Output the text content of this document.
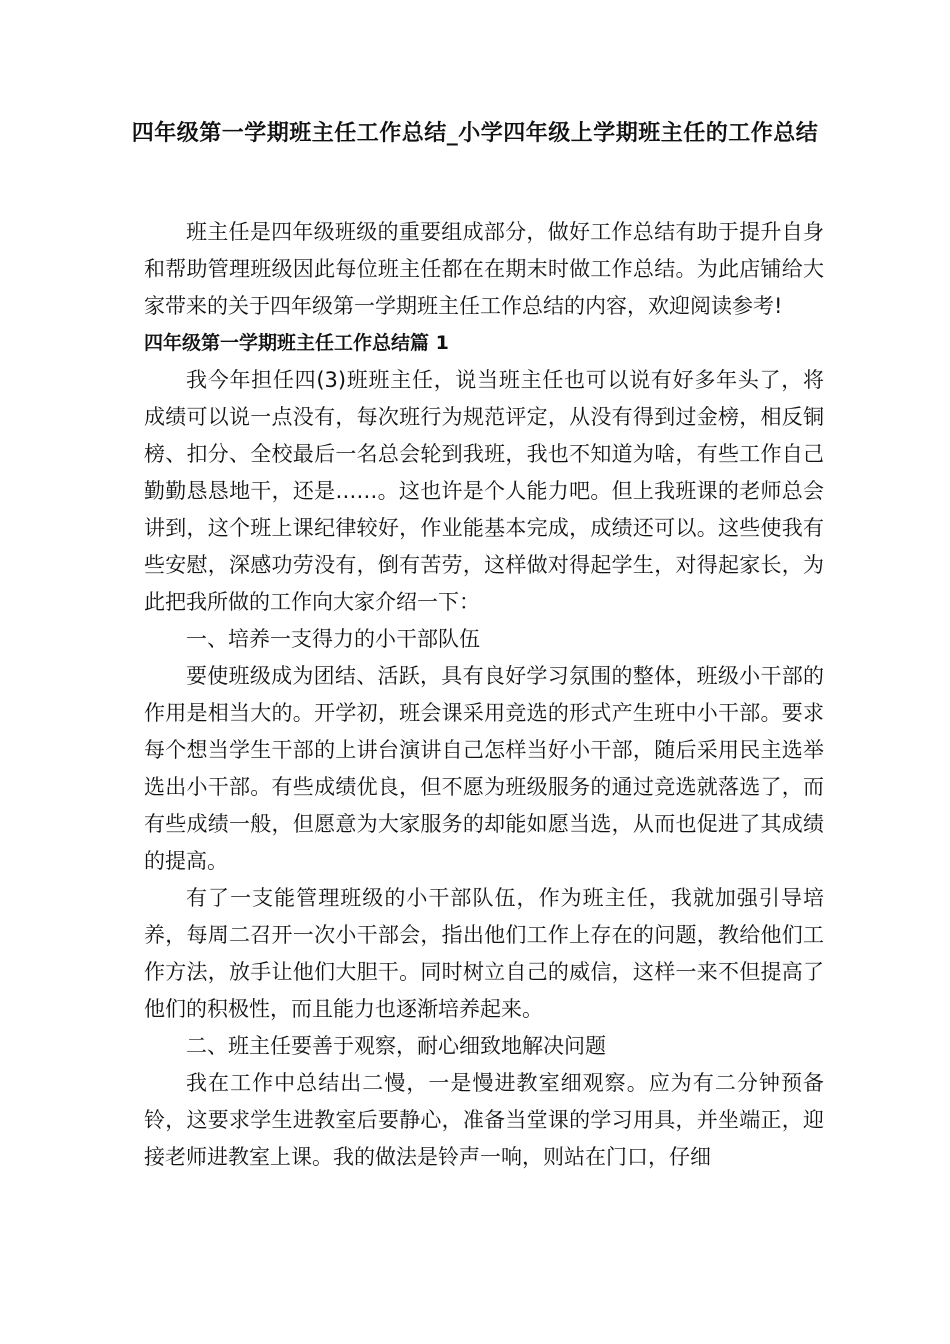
四年级第一学期班主任工作总结_小学四年级上学期班主任的工作总结

班主任是四年级班级的重要组成部分，做好工作总结有助于提升自身和帮助管理班级因此每位班主任都在在期末时做工作总结。为此店铺给大家带来的关于四年级第一学期班主任工作总结的内容，欢迎阅读参考!

四年级第一学期班主任工作总结篇 1

我今年担任四(3)班班主任，说当班主任也可以说有好多年头了，将成绩可以说一点没有，每次班行为规范评定，从没有得到过金榜，相反铜榜、扣分、全校最后一名总会轮到我班，我也不知道为啥，有些工作自己勤勤恳恳地干，还是……。这也许是个人能力吧。但上我班课的老师总会讲到，这个班上课纪律较好，作业能基本完成，成绩还可以。这些使我有些安慰，深感功劳没有，倒有苦劳，这样做对得起学生，对得起家长，为此把我所做的工作向大家介绍一下：

一、培养一支得力的小干部队伍

要使班级成为团结、活跃，具有良好学习氛围的整体，班级小干部的作用是相当大的。开学初，班会课采用竞选的形式产生班中小干部。要求每个想当学生干部的上讲台演讲自己怎样当好小干部，随后采用民主选举选出小干部。有些成绩优良，但不愿为班级服务的通过竞选就落选了，而有些成绩一般，但愿意为大家服务的却能如愿当选，从而也促进了其成绩的提高。

有了一支能管理班级的小干部队伍，作为班主任，我就加强引导培养，每周二召开一次小干部会，指出他们工作上存在的问题，教给他们工作方法，放手让他们大胆干。同时树立自己的威信，这样一来不但提高了他们的积极性，而且能力也逐渐培养起来。

二、班主任要善于观察，耐心细致地解决问题

我在工作中总结出二慢，一是慢进教室细观察。应为有二分钟预备铃，这要求学生进教室后要静心，准备当堂课的学习用具，并坐端正，迎接老师进教室上课。我的做法是铃声一响，则站在门口，仔细
